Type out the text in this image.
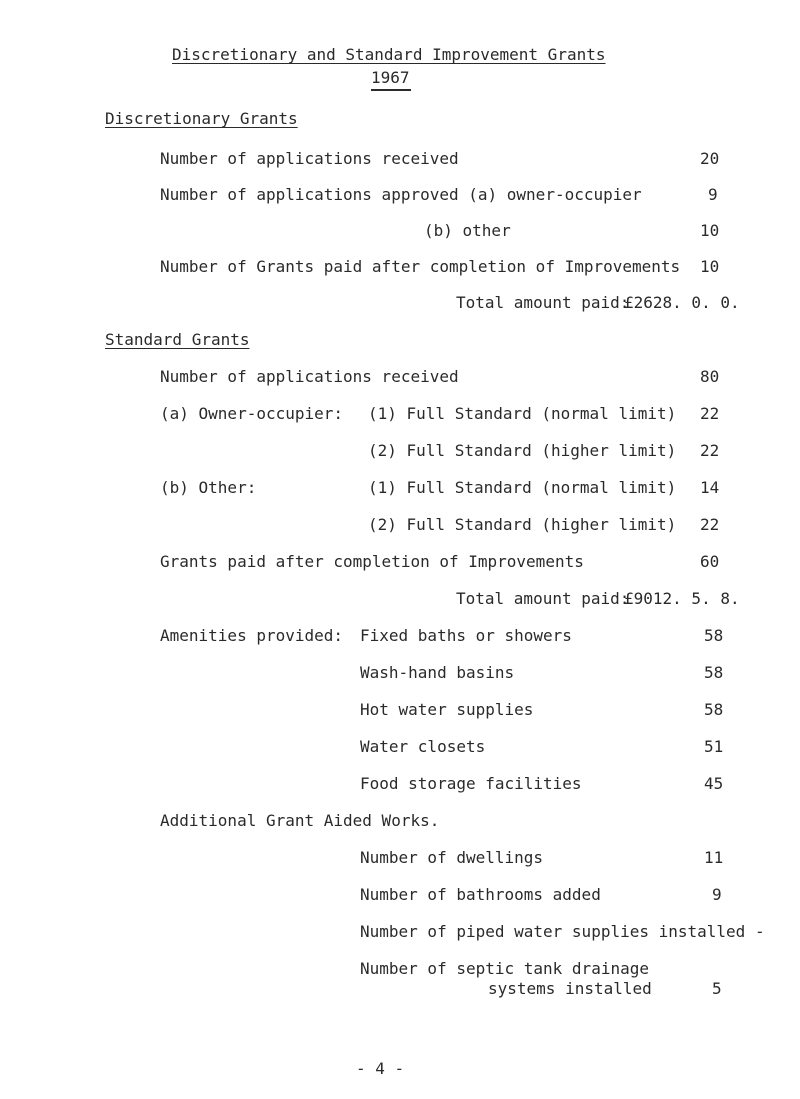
Discretionary and Standard Improvement Grants
1967
Discretionary Grants
Number of applications received	20
Number of applications approved (a) owner-occupier	9
(b) other	10
Number of Grants paid after completion of Improvements 10
Total amount paid:
£2628. 0. 0.
Standard Grants
Number of applications received	80
(a) Owner-occupier: (1) Full Standard (normal limit) 22
(2) Full Standard (higher limit) 22
(b) Other:	(1) Full Standard (normal limit) 14
(2) Full Standard (higher limit) 22
Grants paid after completion of Improvements	60
Total amount paid:
£9012. 5. 8.
Amenities provided: Fixed baths or showers	58
Wash-hand basins	58
Hot water supplies	58
Water closets	51
Food storage facilities	45
Additional Grant Aided Works.
Number of dwellings	11
Number of bathrooms added	9
Number of piped water supplies installed -
Number of septic tank drainage
systems installed	5
- 4 -
